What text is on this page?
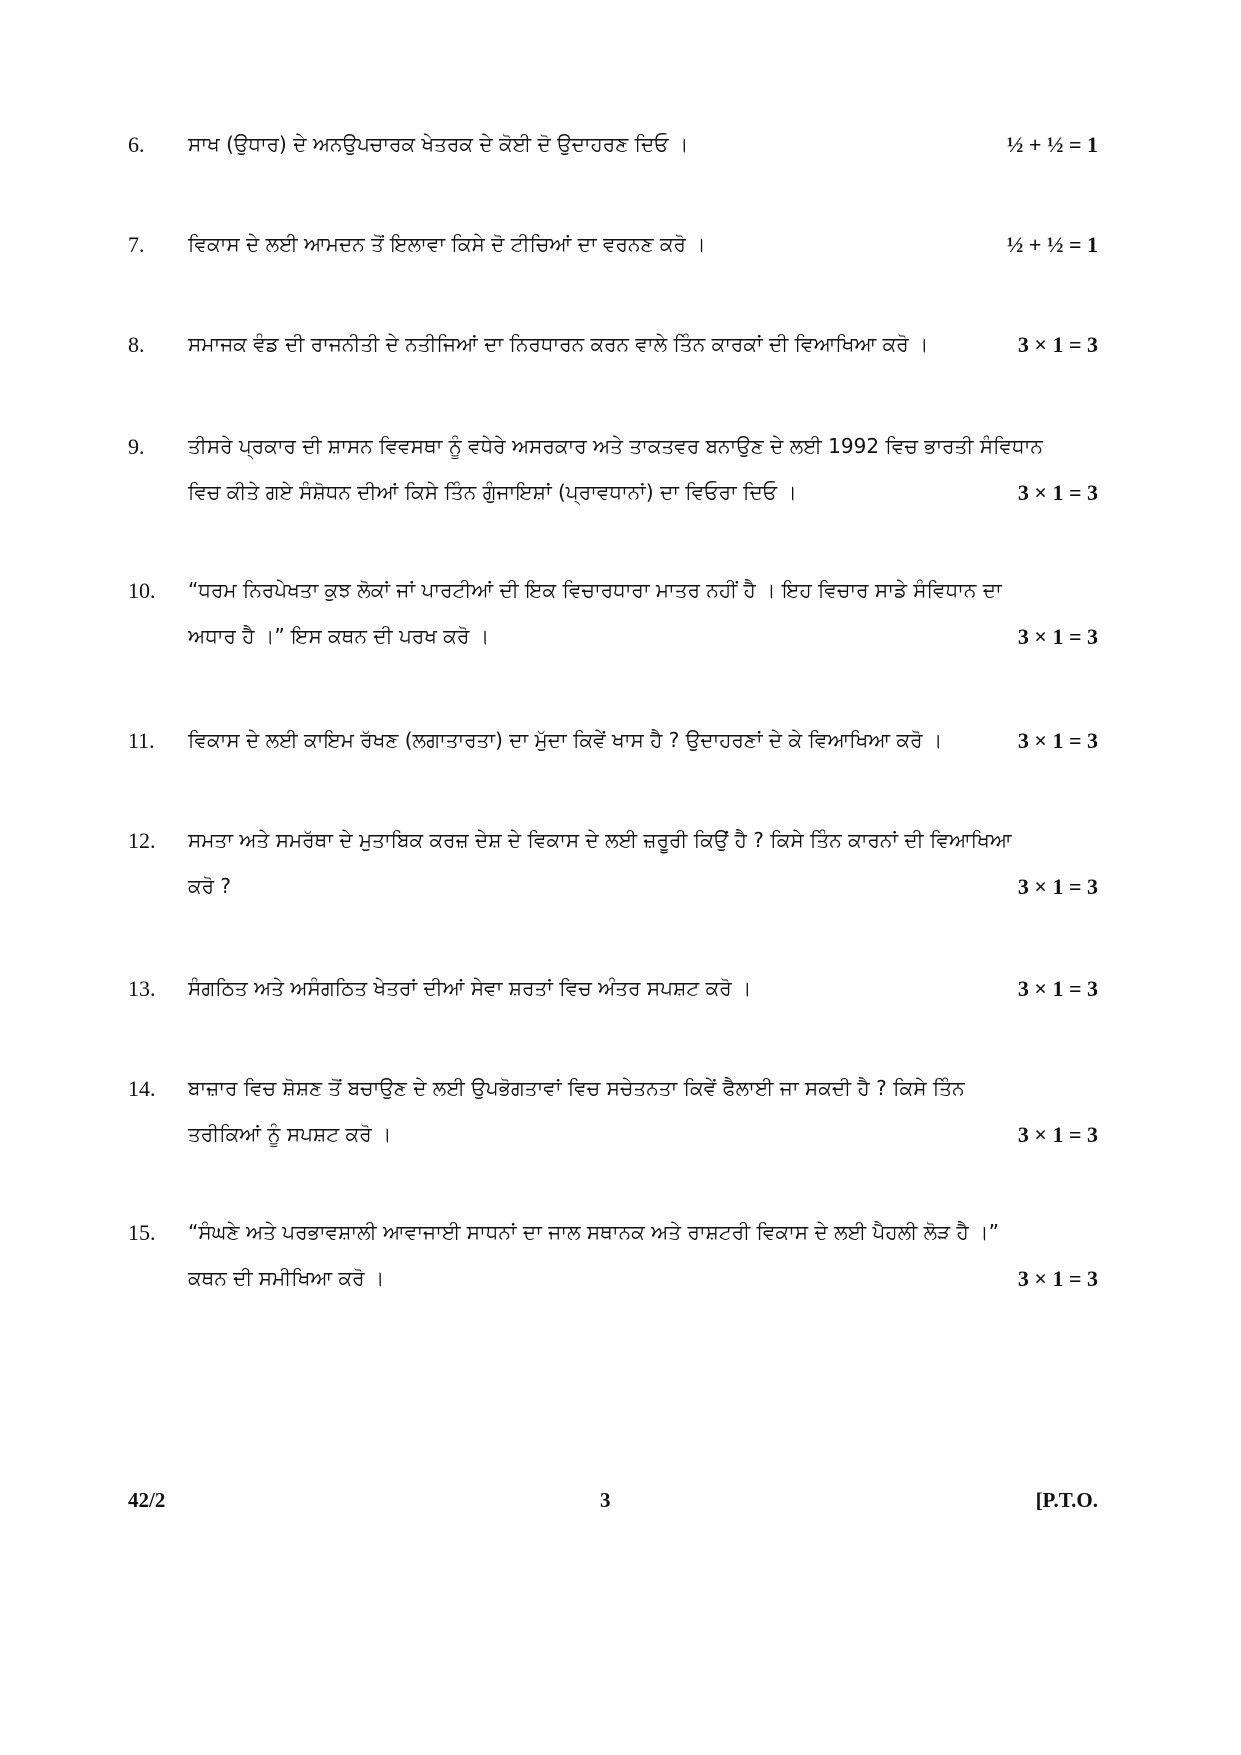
6. ਸਾਖ (ਉਧਾਰ) ਦੇ ਅਨਉਪਚਾਰਕ ਖੇਤਰਕ ਦੇ ਕੋਈ ਦੋ ਉਦਾਹਰਣ ਦਿਓ ।	½ + ½ = 1
7. ਵਿਕਾਸ ਦੇ ਲਈ ਆਮਦਨ ਤੋਂ ਇਲਾਵਾ ਕਿਸੇ ਦੋ ਟੀਚਿਆਂ ਦਾ ਵਰਨਣ ਕਰੋ ।	½ + ½ = 1
8. ਸਮਾਜਕ ਵੰਡ ਦੀ ਰਾਜਨੀਤੀ ਦੇ ਨਤੀਜਿਆਂ ਦਾ ਨਿਰਧਾਰਨ ਕਰਨ ਵਾਲੇ ਤਿੰਨ ਕਾਰਕਾਂ ਦੀ ਵਿਆਖਿਆ ਕਰੋ ।	3 × 1 = 3
9. ਤੀਸਰੇ ਪ੍ਰਕਾਰ ਦੀ ਸ਼ਾਸਨ ਵਿਵਸਥਾ ਨੂੰ ਵਧੇਰੇ ਅਸਰਕਾਰ ਅਤੇ ਤਾਕਤਵਰ ਬਨਾਉਣ ਦੇ ਲਈ 1992 ਵਿਚ ਭਾਰਤੀ ਸੰਵਿਧਾਨ
ਵਿਚ ਕੀਤੇ ਗਏ ਸੰਸ਼ੋਧਨ ਦੀਆਂ ਕਿਸੇ ਤਿੰਨ ਗੁੰਜਾਇਸ਼ਾਂ (ਪ੍ਰਾਵਧਾਨਾਂ) ਦਾ ਵਿਓਰਾ ਦਿਓ ।	3 × 1 = 3
10. “ਧਰਮ ਨਿਰਪੇਖਤਾ ਕੁਝ ਲੋਕਾਂ ਜਾਂ ਪਾਰਟੀਆਂ ਦੀ ਇਕ ਵਿਚਾਰਧਾਰਾ ਮਾਤਰ ਨਹੀਂ ਹੈ । ਇਹ ਵਿਚਾਰ ਸਾਡੇ ਸੰਵਿਧਾਨ ਦਾ
ਅਧਾਰ ਹੈ ।” ਇਸ ਕਥਨ ਦੀ ਪਰਖ ਕਰੋ ।	3 × 1 = 3
11. ਵਿਕਾਸ ਦੇ ਲਈ ਕਾਇਮ ਰੱਖਣ (ਲਗਾਤਾਰਤਾ) ਦਾ ਮੁੱਦਾ ਕਿਵੇਂ ਖਾਸ ਹੈ ? ਉਦਾਹਰਣਾਂ ਦੇ ਕੇ ਵਿਆਖਿਆ ਕਰੋ ।	3 × 1 = 3
12. ਸਮਤਾ ਅਤੇ ਸਮਰੱਥਾ ਦੇ ਮੁਤਾਬਿਕ ਕਰਜ਼ ਦੇਸ਼ ਦੇ ਵਿਕਾਸ ਦੇ ਲਈ ਜ਼ਰੂਰੀ ਕਿਉਂ ਹੈ ? ਕਿਸੇ ਤਿੰਨ ਕਾਰਨਾਂ ਦੀ ਵਿਆਖਿਆ
ਕਰੋ ?	3 × 1 = 3
13. ਸੰਗਠਿਤ ਅਤੇ ਅਸੰਗਠਿਤ ਖੇਤਰਾਂ ਦੀਆਂ ਸੇਵਾ ਸ਼ਰਤਾਂ ਵਿਚ ਅੰਤਰ ਸਪਸ਼ਟ ਕਰੋ ।	3 × 1 = 3
14. ਬਾਜ਼ਾਰ ਵਿਚ ਸ਼ੋਸ਼ਣ ਤੋਂ ਬਚਾਉਣ ਦੇ ਲਈ ਉਪਭੋਗਤਾਵਾਂ ਵਿਚ ਸਚੇਤਨਤਾ ਕਿਵੇਂ ਫੈਲਾਈ ਜਾ ਸਕਦੀ ਹੈ ? ਕਿਸੇ ਤਿੰਨ
ਤਰੀਕਿਆਂ ਨੂੰ ਸਪਸ਼ਟ ਕਰੋ ।	3 × 1 = 3
15. “ਸੰਘਣੇ ਅਤੇ ਪਰਭਾਵਸ਼ਾਲੀ ਆਵਾਜਾਈ ਸਾਧਨਾਂ ਦਾ ਜਾਲ ਸਥਾਨਕ ਅਤੇ ਰਾਸ਼ਟਰੀ ਵਿਕਾਸ ਦੇ ਲਈ ਪੈਹਲੀ ਲੋੜ ਹੈ ।”
ਕਥਨ ਦੀ ਸਮੀਖਿਆ ਕਰੋ ।	3 × 1 = 3
42/2	3	[P.T.O.
